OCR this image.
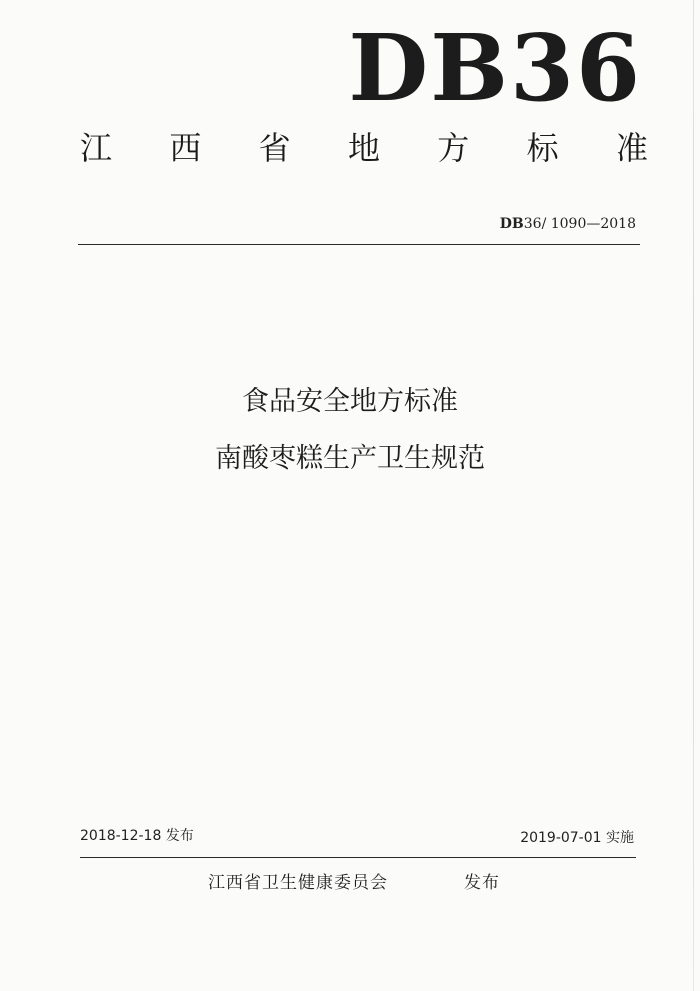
DB36
江 西 省 地 方 标 准
DB36/ 1090—2018
食品安全地方标准
南酸枣糕生产卫生规范
2018-12-18 发布	2019-07-01 实施
江西省卫生健康委员会	发布
